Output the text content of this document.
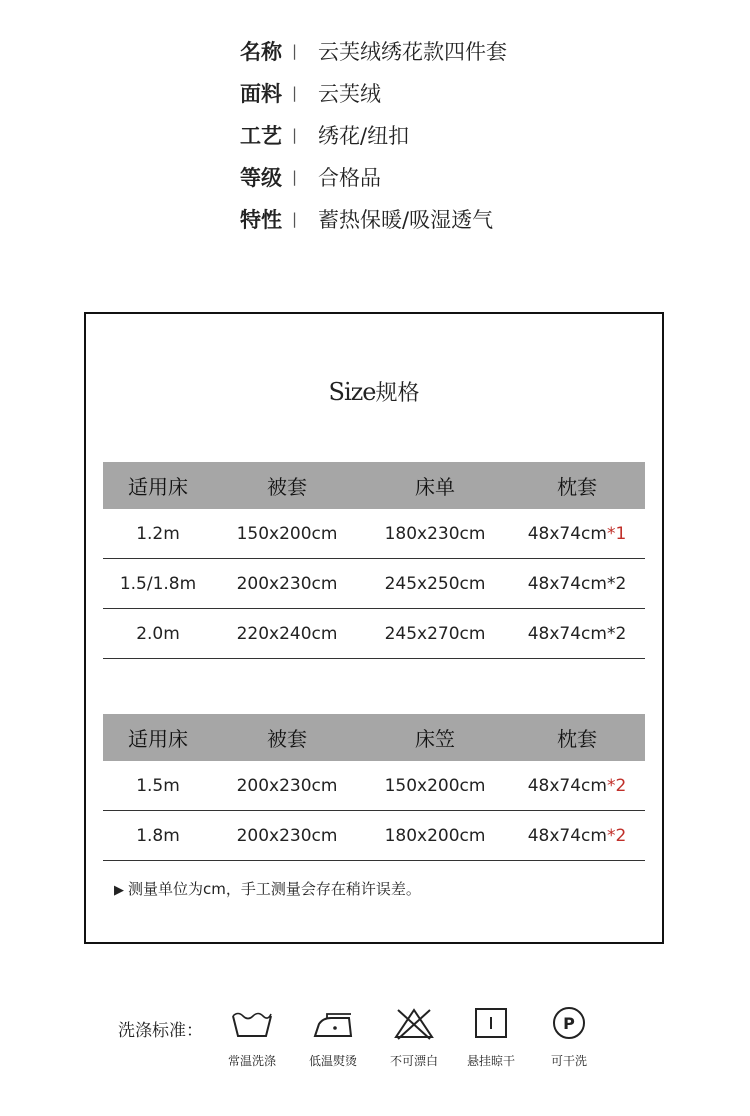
名称 | 云芙绒绣花款四件套
面料 | 云芙绒
工艺 | 绣花/纽扣
等级 | 合格品
特性 | 蓄热保暖/吸湿透气
Size规格
适用床	被套	床单	枕套
1.2m	150x200cm	180x230cm	48x74cm*1
1.5/1.8m	200x230cm	245x250cm	48x74cm*2
2.0m	220x240cm	245x270cm	48x74cm*2
适用床	被套	床笠	枕套
1.5m	200x230cm	150x200cm	48x74cm*2
1.8m	200x230cm	180x200cm	48x74cm*2
▶ 测量单位为cm，手工测量会存在稍许误差。
洗涤标准：
常温洗涤	低温熨烫	不可漂白	悬挂晾干
P
可干洗
